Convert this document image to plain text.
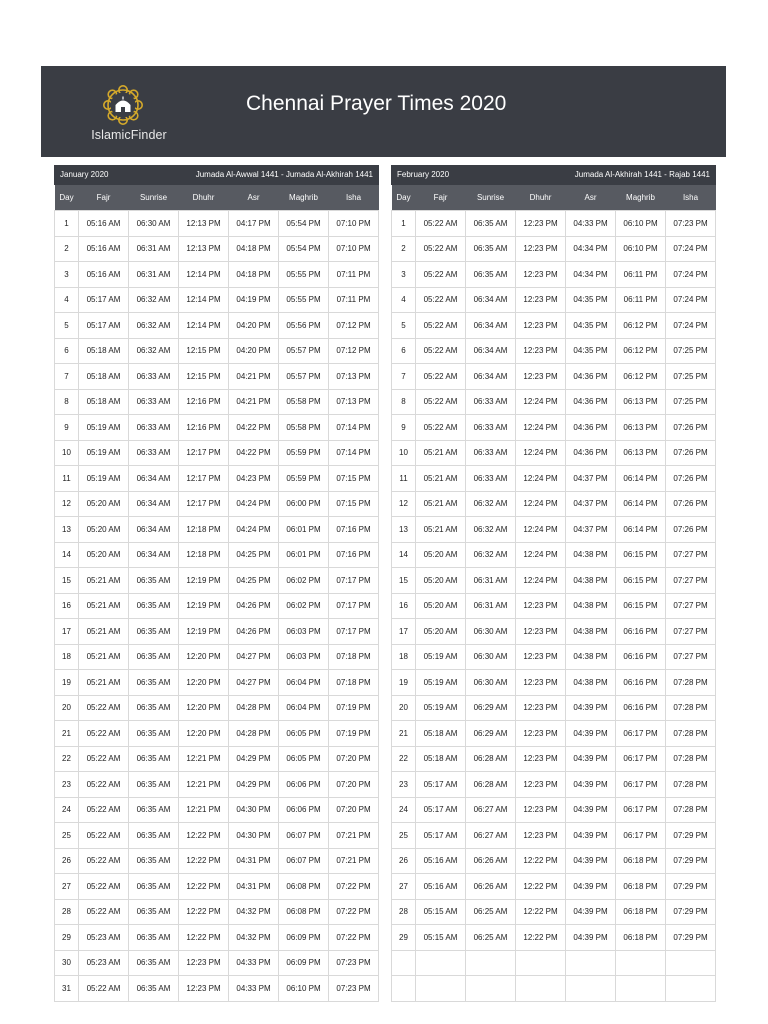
IslamicFinder
Chennai Prayer Times 2020
January 2020	Jumada Al-Awwal 1441 - Jumada Al-Akhirah 1441
Day	Fajr	Sunrise	Dhuhr	Asr	Maghrib	Isha
1	05:16 AM	06:30 AM	12:13 PM	04:17 PM	05:54 PM	07:10 PM
2	05:16 AM	06:31 AM	12:13 PM	04:18 PM	05:54 PM	07:10 PM
3	05:16 AM	06:31 AM	12:14 PM	04:18 PM	05:55 PM	07:11 PM
4	05:17 AM	06:32 AM	12:14 PM	04:19 PM	05:55 PM	07:11 PM
5	05:17 AM	06:32 AM	12:14 PM	04:20 PM	05:56 PM	07:12 PM
6	05:18 AM	06:32 AM	12:15 PM	04:20 PM	05:57 PM	07:12 PM
7	05:18 AM	06:33 AM	12:15 PM	04:21 PM	05:57 PM	07:13 PM
8	05:18 AM	06:33 AM	12:16 PM	04:21 PM	05:58 PM	07:13 PM
9	05:19 AM	06:33 AM	12:16 PM	04:22 PM	05:58 PM	07:14 PM
10	05:19 AM	06:33 AM	12:17 PM	04:22 PM	05:59 PM	07:14 PM
11	05:19 AM	06:34 AM	12:17 PM	04:23 PM	05:59 PM	07:15 PM
12	05:20 AM	06:34 AM	12:17 PM	04:24 PM	06:00 PM	07:15 PM
13	05:20 AM	06:34 AM	12:18 PM	04:24 PM	06:01 PM	07:16 PM
14	05:20 AM	06:34 AM	12:18 PM	04:25 PM	06:01 PM	07:16 PM
15	05:21 AM	06:35 AM	12:19 PM	04:25 PM	06:02 PM	07:17 PM
16	05:21 AM	06:35 AM	12:19 PM	04:26 PM	06:02 PM	07:17 PM
17	05:21 AM	06:35 AM	12:19 PM	04:26 PM	06:03 PM	07:17 PM
18	05:21 AM	06:35 AM	12:20 PM	04:27 PM	06:03 PM	07:18 PM
19	05:21 AM	06:35 AM	12:20 PM	04:27 PM	06:04 PM	07:18 PM
20	05:22 AM	06:35 AM	12:20 PM	04:28 PM	06:04 PM	07:19 PM
21	05:22 AM	06:35 AM	12:20 PM	04:28 PM	06:05 PM	07:19 PM
22	05:22 AM	06:35 AM	12:21 PM	04:29 PM	06:05 PM	07:20 PM
23	05:22 AM	06:35 AM	12:21 PM	04:29 PM	06:06 PM	07:20 PM
24	05:22 AM	06:35 AM	12:21 PM	04:30 PM	06:06 PM	07:20 PM
25	05:22 AM	06:35 AM	12:22 PM	04:30 PM	06:07 PM	07:21 PM
26	05:22 AM	06:35 AM	12:22 PM	04:31 PM	06:07 PM	07:21 PM
27	05:22 AM	06:35 AM	12:22 PM	04:31 PM	06:08 PM	07:22 PM
28	05:22 AM	06:35 AM	12:22 PM	04:32 PM	06:08 PM	07:22 PM
29	05:23 AM	06:35 AM	12:22 PM	04:32 PM	06:09 PM	07:22 PM
30	05:23 AM	06:35 AM	12:23 PM	04:33 PM	06:09 PM	07:23 PM
31	05:22 AM	06:35 AM	12:23 PM	04:33 PM	06:10 PM	07:23 PM
February 2020	Jumada Al-Akhirah 1441 - Rajab 1441
Day	Fajr	Sunrise	Dhuhr	Asr	Maghrib	Isha
1	05:22 AM	06:35 AM	12:23 PM	04:33 PM	06:10 PM	07:23 PM
2	05:22 AM	06:35 AM	12:23 PM	04:34 PM	06:10 PM	07:24 PM
3	05:22 AM	06:35 AM	12:23 PM	04:34 PM	06:11 PM	07:24 PM
4	05:22 AM	06:34 AM	12:23 PM	04:35 PM	06:11 PM	07:24 PM
5	05:22 AM	06:34 AM	12:23 PM	04:35 PM	06:12 PM	07:24 PM
6	05:22 AM	06:34 AM	12:23 PM	04:35 PM	06:12 PM	07:25 PM
7	05:22 AM	06:34 AM	12:23 PM	04:36 PM	06:12 PM	07:25 PM
8	05:22 AM	06:33 AM	12:24 PM	04:36 PM	06:13 PM	07:25 PM
9	05:22 AM	06:33 AM	12:24 PM	04:36 PM	06:13 PM	07:26 PM
10	05:21 AM	06:33 AM	12:24 PM	04:36 PM	06:13 PM	07:26 PM
11	05:21 AM	06:33 AM	12:24 PM	04:37 PM	06:14 PM	07:26 PM
12	05:21 AM	06:32 AM	12:24 PM	04:37 PM	06:14 PM	07:26 PM
13	05:21 AM	06:32 AM	12:24 PM	04:37 PM	06:14 PM	07:26 PM
14	05:20 AM	06:32 AM	12:24 PM	04:38 PM	06:15 PM	07:27 PM
15	05:20 AM	06:31 AM	12:24 PM	04:38 PM	06:15 PM	07:27 PM
16	05:20 AM	06:31 AM	12:23 PM	04:38 PM	06:15 PM	07:27 PM
17	05:20 AM	06:30 AM	12:23 PM	04:38 PM	06:16 PM	07:27 PM
18	05:19 AM	06:30 AM	12:23 PM	04:38 PM	06:16 PM	07:27 PM
19	05:19 AM	06:30 AM	12:23 PM	04:38 PM	06:16 PM	07:28 PM
20	05:19 AM	06:29 AM	12:23 PM	04:39 PM	06:16 PM	07:28 PM
21	05:18 AM	06:29 AM	12:23 PM	04:39 PM	06:17 PM	07:28 PM
22	05:18 AM	06:28 AM	12:23 PM	04:39 PM	06:17 PM	07:28 PM
23	05:17 AM	06:28 AM	12:23 PM	04:39 PM	06:17 PM	07:28 PM
24	05:17 AM	06:27 AM	12:23 PM	04:39 PM	06:17 PM	07:28 PM
25	05:17 AM	06:27 AM	12:23 PM	04:39 PM	06:17 PM	07:29 PM
26	05:16 AM	06:26 AM	12:22 PM	04:39 PM	06:18 PM	07:29 PM
27	05:16 AM	06:26 AM	12:22 PM	04:39 PM	06:18 PM	07:29 PM
28	05:15 AM	06:25 AM	12:22 PM	04:39 PM	06:18 PM	07:29 PM
29	05:15 AM	06:25 AM	12:22 PM	04:39 PM	06:18 PM	07:29 PM
